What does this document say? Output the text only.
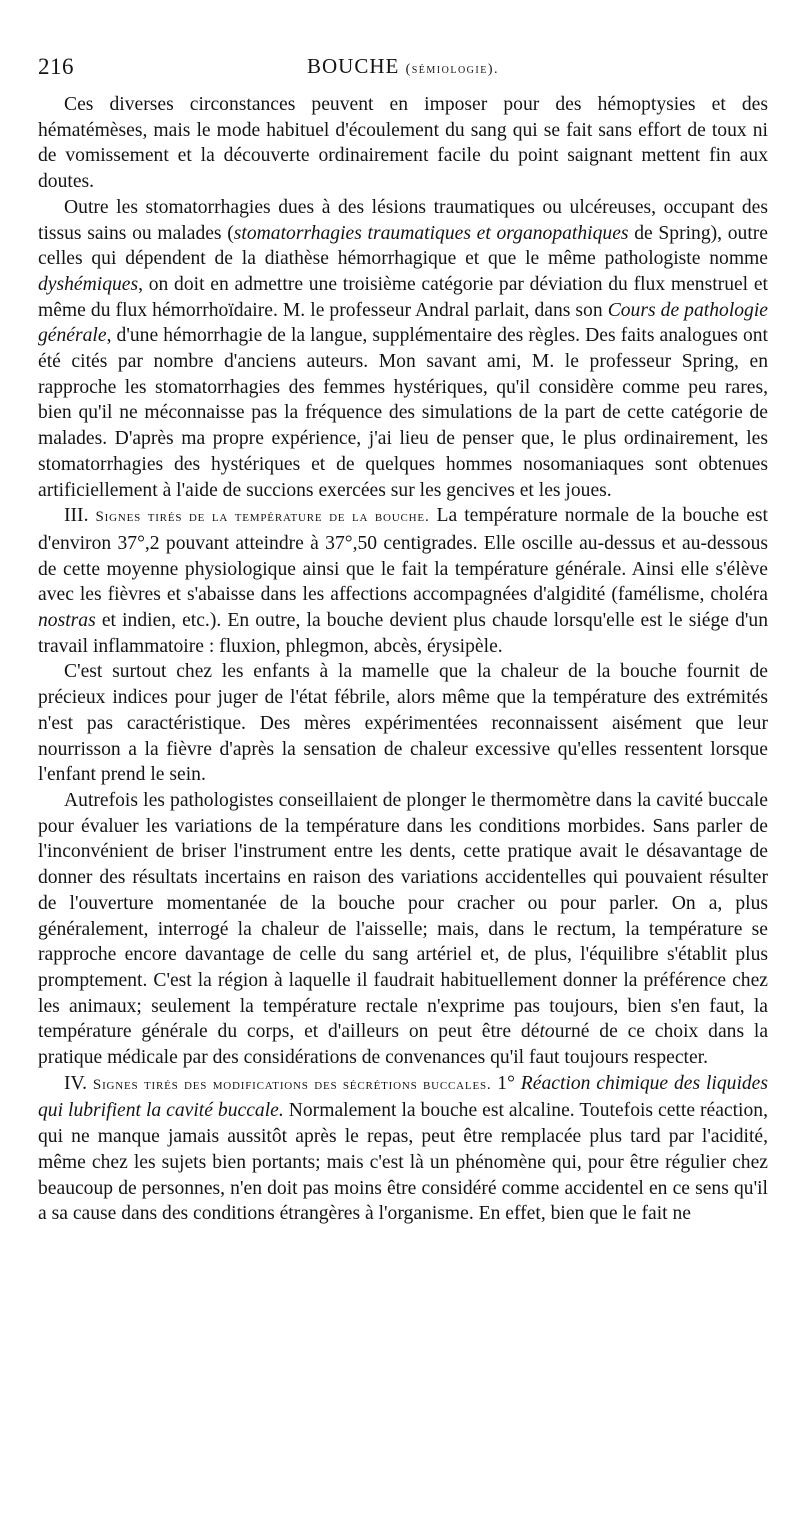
216	BOUCHE (sémiologie).

Ces diverses circonstances peuvent en imposer pour des hémoptysies et des hématémèses, mais le mode habituel d'écoulement du sang qui se fait sans effort de toux ni de vomissement et la découverte ordinairement facile du point saignant mettent fin aux doutes.

Outre les stomatorrhagies dues à des lésions traumatiques ou ulcéreuses, occupant des tissus sains ou malades (stomatorrhagies traumatiques et organopathiques de Spring), outre celles qui dépendent de la diathèse hémorrhagique et que le même pathologiste nomme dyshémiques, on doit en admettre une troisième catégorie par déviation du flux menstruel et même du flux hémorrhoïdaire. M. le professeur Andral parlait, dans son Cours de pathologie générale, d'une hémorrhagie de la langue, supplémentaire des règles. Des faits analogues ont été cités par nombre d'anciens auteurs. Mon savant ami, M. le professeur Spring, en rapproche les stomatorrhagies des femmes hystériques, qu'il considère comme peu rares, bien qu'il ne méconnaisse pas la fréquence des simulations de la part de cette catégorie de malades. D'après ma propre expérience, j'ai lieu de penser que, le plus ordinairement, les stomatorrhagies des hystériques et de quelques hommes nosomaniaques sont obtenues artificiellement à l'aide de succions exercées sur les gencives et les joues.

III. Signes tirés de la température de la bouche. La température normale de la bouche est d'environ 37°,2 pouvant atteindre à 37°,50 centigrades. Elle oscille au-dessus et au-dessous de cette moyenne physiologique ainsi que le fait la température générale. Ainsi elle s'élève avec les fièvres et s'abaisse dans les affections accompagnées d'algidité (famélisme, choléra nostras et indien, etc.). En outre, la bouche devient plus chaude lorsqu'elle est le siége d'un travail inflammatoire : fluxion, phlegmon, abcès, érysipèle.

C'est surtout chez les enfants à la mamelle que la chaleur de la bouche fournit de précieux indices pour juger de l'état fébrile, alors même que la température des extrémités n'est pas caractéristique. Des mères expérimentées reconnaissent aisément que leur nourrisson a la fièvre d'après la sensation de chaleur excessive qu'elles ressentent lorsque l'enfant prend le sein.

Autrefois les pathologistes conseillaient de plonger le thermomètre dans la cavité buccale pour évaluer les variations de la température dans les conditions morbides. Sans parler de l'inconvénient de briser l'instrument entre les dents, cette pratique avait le désavantage de donner des résultats incertains en raison des variations accidentelles qui pouvaient résulter de l'ouverture momentanée de la bouche pour cracher ou pour parler. On a, plus généralement, interrogé la chaleur de l'aisselle; mais, dans le rectum, la température se rapproche encore davantage de celle du sang artériel et, de plus, l'équilibre s'établit plus promptement. C'est la région à laquelle il faudrait habituellement donner la préférence chez les animaux; seulement la température rectale n'exprime pas toujours, bien s'en faut, la température générale du corps, et d'ailleurs on peut être détourné de ce choix dans la pratique médicale par des considérations de convenances qu'il faut toujours respecter.

IV. Signes tirés des modifications des sécrétions buccales. 1° Réaction chimique des liquides qui lubrifient la cavité buccale. Normalement la bouche est alcaline. Toutefois cette réaction, qui ne manque jamais aussitôt après le repas, peut être remplacée plus tard par l'acidité, même chez les sujets bien portants; mais c'est là un phénomène qui, pour être régulier chez beaucoup de personnes, n'en doit pas moins être considéré comme accidentel en ce sens qu'il a sa cause dans des conditions étrangères à l'organisme. En effet, bien que le fait ne
